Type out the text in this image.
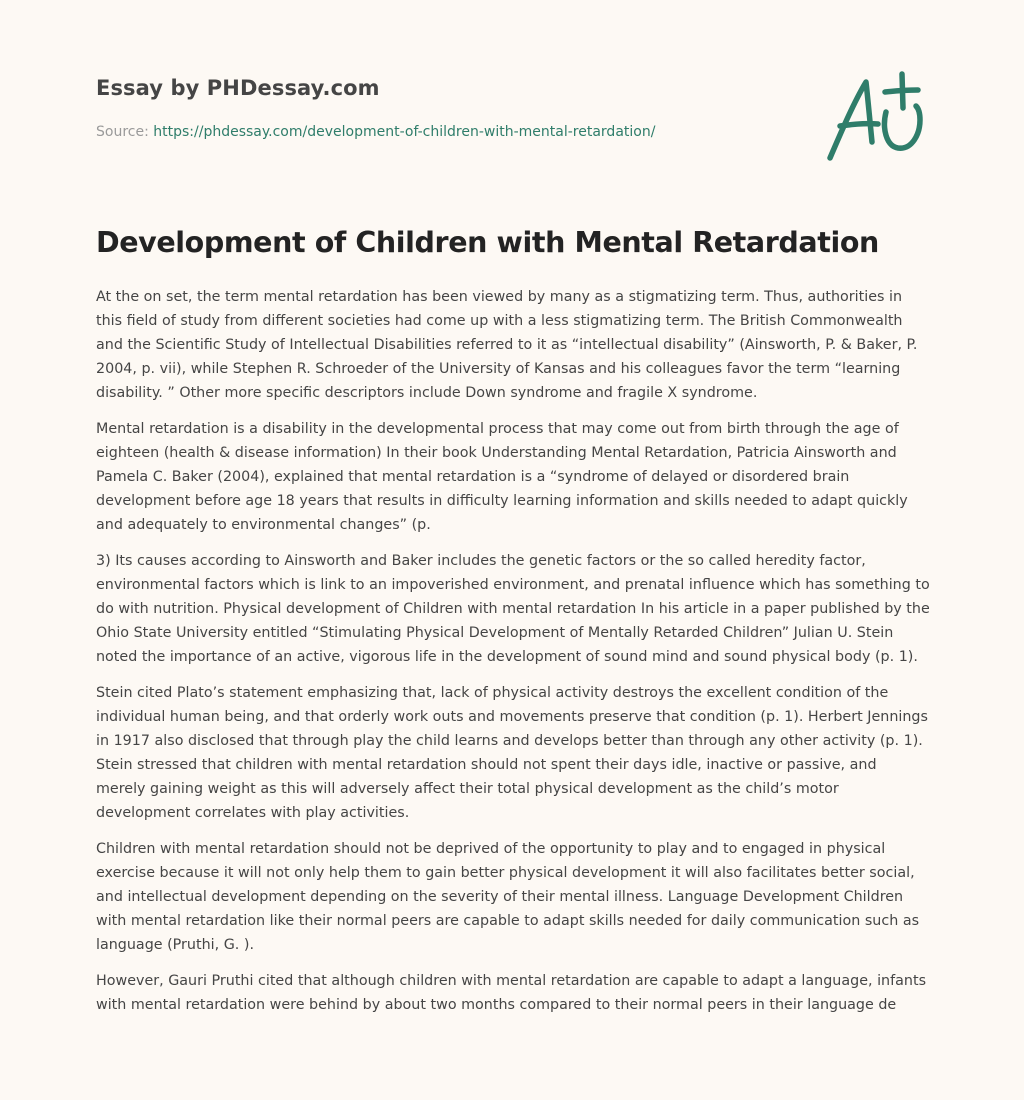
Essay by PHDessay.com
Source: https://phdessay.com/development-of-children-with-mental-retardation/
Development of Children with Mental Retardation

At the on set, the term mental retardation has been viewed by many as a stigmatizing term. Thus, authorities in this field of study from different societies had come up with a less stigmatizing term. The British Commonwealth and the Scientific Study of Intellectual Disabilities referred to it as “intellectual disability” (Ainsworth, P. & Baker, P. 2004, p. vii), while Stephen R. Schroeder of the University of Kansas and his colleagues favor the term “learning disability. ” Other more specific descriptors include Down syndrome and fragile X syndrome.

Mental retardation is a disability in the developmental process that may come out from birth through the age of eighteen (health & disease information) In their book Understanding Mental Retardation, Patricia Ainsworth and Pamela C. Baker (2004), explained that mental retardation is a “syndrome of delayed or disordered brain development before age 18 years that results in difficulty learning information and skills needed to adapt quickly and adequately to environmental changes” (p.

3) Its causes according to Ainsworth and Baker includes the genetic factors or the so called heredity factor, environmental factors which is link to an impoverished environment, and prenatal influence which has something to do with nutrition. Physical development of Children with mental retardation In his article in a paper published by the Ohio State University entitled “Stimulating Physical Development of Mentally Retarded Children” Julian U. Stein noted the importance of an active, vigorous life in the development of sound mind and sound physical body (p. 1).

Stein cited Plato’s statement emphasizing that, lack of physical activity destroys the excellent condition of the individual human being, and that orderly work outs and movements preserve that condition (p. 1). Herbert Jennings in 1917 also disclosed that through play the child learns and develops better than through any other activity (p. 1). Stein stressed that children with mental retardation should not spent their days idle, inactive or passive, and merely gaining weight as this will adversely affect their total physical development as the child’s motor development correlates with play activities.

Children with mental retardation should not be deprived of the opportunity to play and to engaged in physical exercise because it will not only help them to gain better physical development it will also facilitates better social, and intellectual development depending on the severity of their mental illness. Language Development Children with mental retardation like their normal peers are capable to adapt skills needed for daily communication such as language (Pruthi, G. ).

However, Gauri Pruthi cited that although children with mental retardation are capable to adapt a language, infants with mental retardation were behind by about two months compared to their normal peers in their language de
